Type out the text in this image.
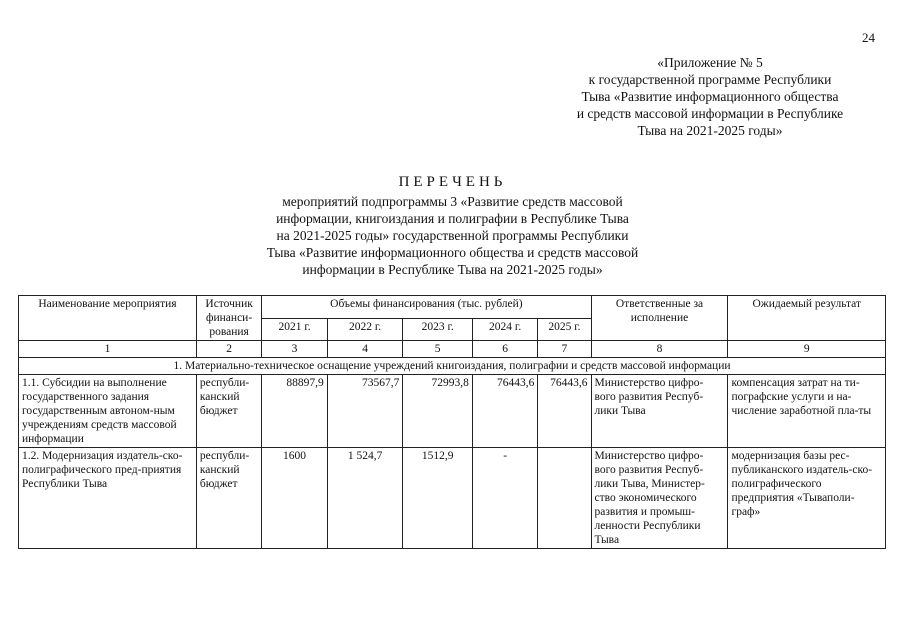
24
«Приложение № 5
к государственной программе Республики
Тыва «Развитие информационного общества
и средств массовой информации в Республике
Тыва на 2021-2025 годы»
ПЕРЕЧЕНЬ
мероприятий подпрограммы 3 «Развитие средств массовой
информации, книгоиздания и полиграфии в Республике Тыва
на 2021-2025 годы» государственной программы Республики
Тыва «Развитие информационного общества и средств массовой
информации в Республике Тыва на 2021-2025 годы»
Наименование мероприятия	Источник финанси-рования	Объемы финансирования (тыс. рублей)					Ответственные за исполнение	Ожидаемый результат
		2021 г.	2022 г.	2023 г.	2024 г.	2025 г.		
1	2	3	4	5	6	7	8	9
1. Материально-техническое оснащение учреждений книгоиздания, полиграфии и средств массовой информации								
1.1. Субсидии на выполнение государственного задания государственным автоном-ным учреждениям средств массовой информации	республи-канский бюджет	88897,9	73567,7	72993,8	76443,6	76443,6	Министерство цифро-вого развития Респуб-лики Тыва	компенсация затрат на ти-пографские услуги и на-числение заработной пла-ты
1.2. Модернизация издатель-ско-полиграфического пред-приятия Республики Тыва	республи-канский бюджет	1600	1 524,7	1512,9	-		Министерство цифро-вого развития Респуб-лики Тыва, Министер-ство экономического развития и промыш-ленности Республики Тыва	модернизация базы рес-публиканского издатель-ско-полиграфического предприятия «Тываполи-граф»
